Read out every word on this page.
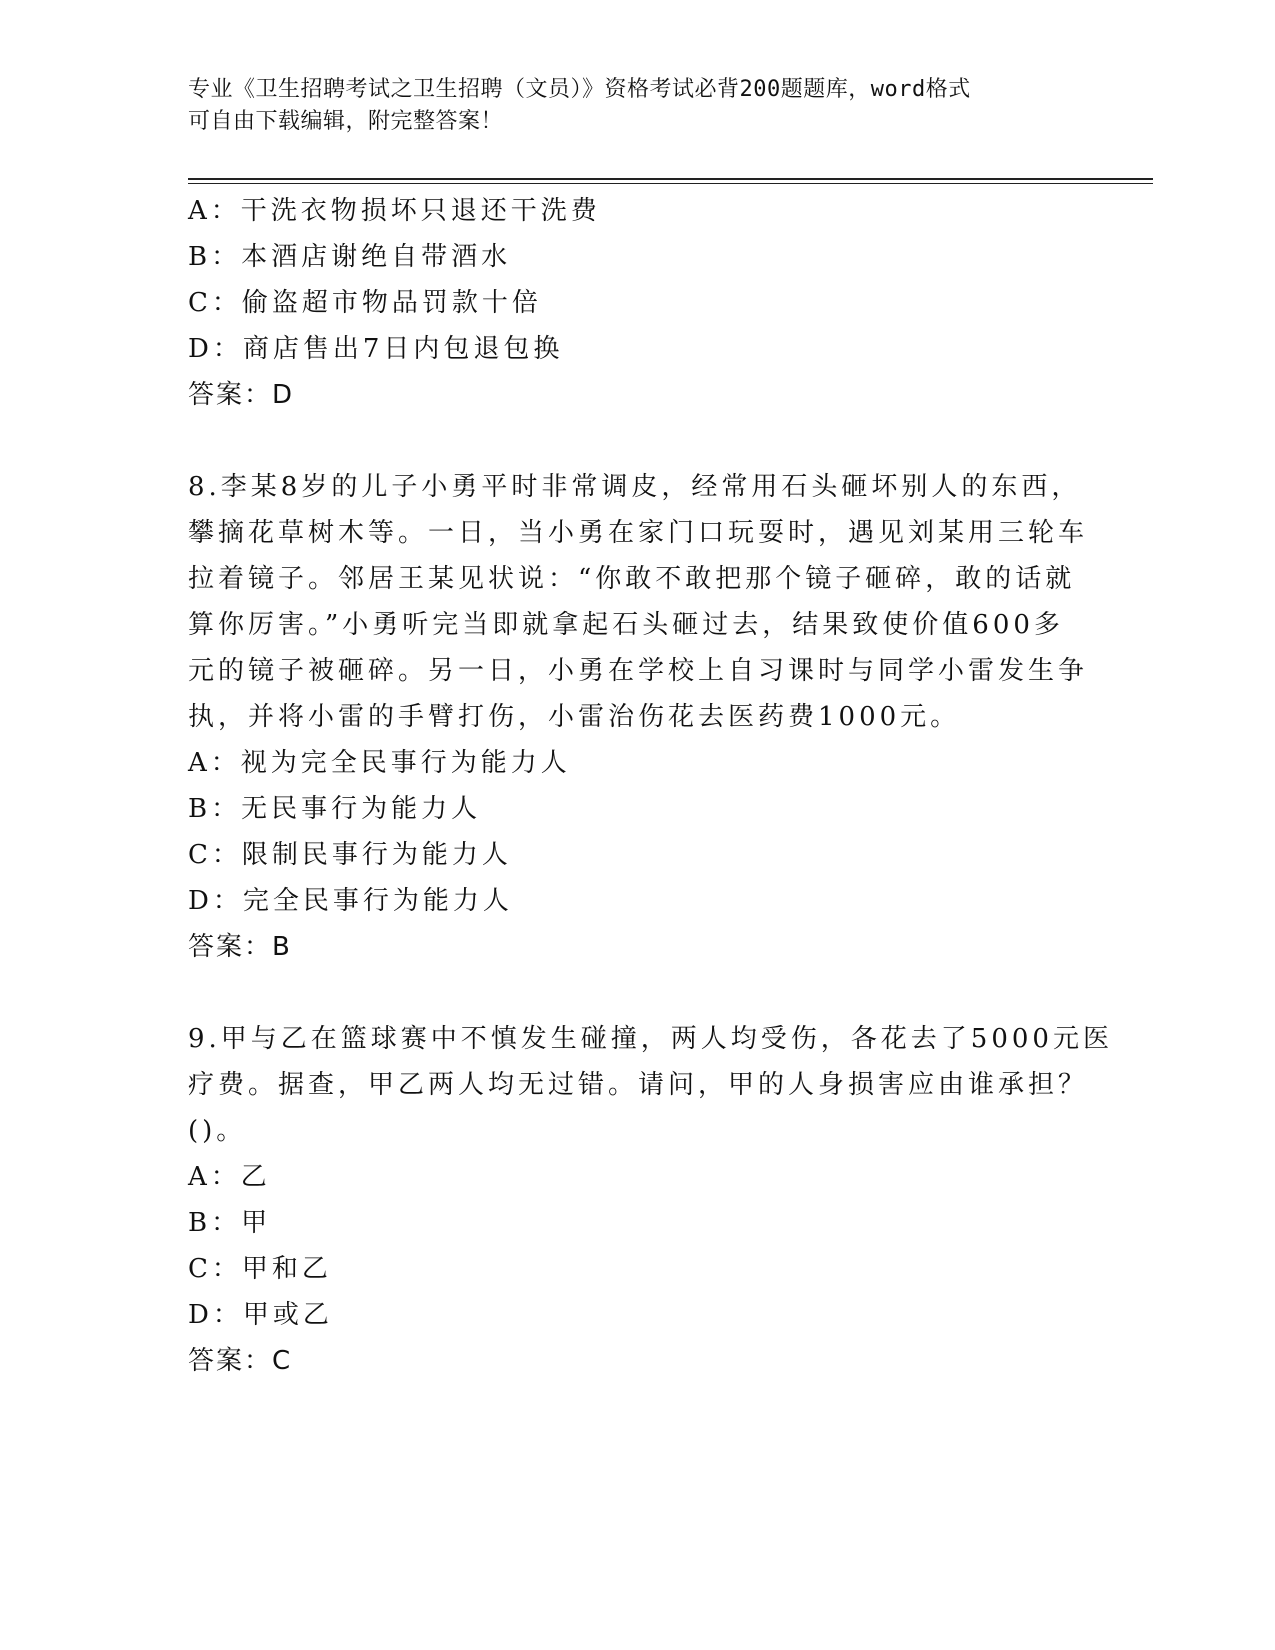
专业《卫生招聘考试之卫生招聘（文员）》资格考试必背200题题库，word格式
可自由下载编辑，附完整答案！
A：干洗衣物损坏只退还干洗费
B：本酒店谢绝自带酒水
C：偷盗超市物品罚款十倍
D：商店售出7日内包退包换
答案：D
8.李某8岁的儿子小勇平时非常调皮，经常用石头砸坏别人的东西，
攀摘花草树木等。一日，当小勇在家门口玩耍时，遇见刘某用三轮车
拉着镜子。邻居王某见状说：“你敢不敢把那个镜子砸碎，敢的话就
算你厉害。”小勇听完当即就拿起石头砸过去，结果致使价值600多
元的镜子被砸碎。另一日，小勇在学校上自习课时与同学小雷发生争
执，并将小雷的手臂打伤，小雷治伤花去医药费1000元。
A：视为完全民事行为能力人
B：无民事行为能力人
C：限制民事行为能力人
D：完全民事行为能力人
答案：B
9.甲与乙在篮球赛中不慎发生碰撞，两人均受伤，各花去了5000元医
疗费。据查，甲乙两人均无过错。请问，甲的人身损害应由谁承担？
()。
A：乙
B：甲
C：甲和乙
D：甲或乙
答案：C
